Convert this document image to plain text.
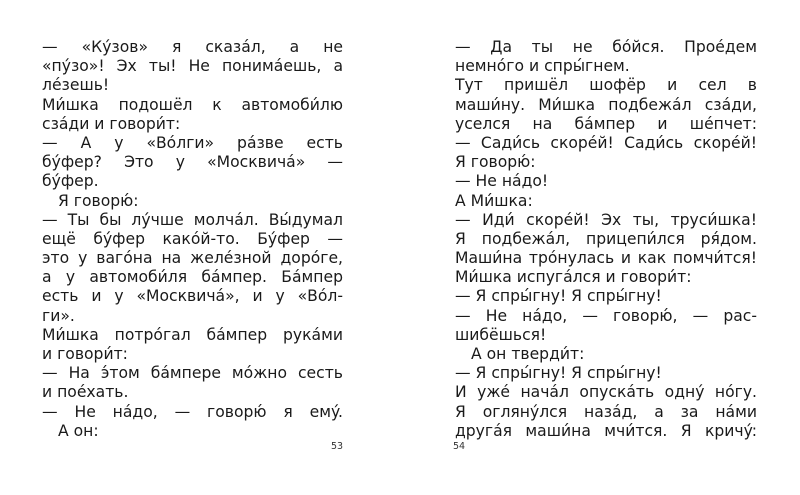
— «Кýзов» я сказáл, а не
«пýзо»! Эх ты! Не понимáешь, а
лéзешь!
Ми́шка подошёл к автомоби́лю
сзáди и говори́т:
— А у «Вóлги» рáзве есть
бýфер? Это у «Москвичá» —
бýфер.
Я говорю́:
— Ты бы лýчше молчáл. Вы́думал
ещё бýфер какóй-то. Бýфер —
это у вагóна на желéзной дорóге,
а у автомоби́ля бáмпер. Бáмпер
есть и у «Москвичá», и у «Вóл-
ги».
Ми́шка потрóгал бáмпер рукáми
и говори́т:
— На э́том бáмпере мóжно сесть
и поéхать.
— Не нáдо, — говорю́ я емý.
А он:
53
— Да ты не бóйся. Проéдем
немнóго и спры́гнем.
Тут пришёл шофёр и сел в
маши́ну. Ми́шка подбежáл сзáди,
уселся на бáмпер и шéпчет:
— Сади́сь скорéй! Сади́сь скорéй!
Я говорю́:
— Не нáдо!
А Ми́шка:
— Иди́ скорéй! Эх ты, труси́шка!
Я подбежáл, прицепи́лся ря́дом.
Маши́на трóнулась и как помчи́тся!
Ми́шка испугáлся и говори́т:
— Я спры́гну! Я спры́гну!
— Не нáдо, — говорю́, — рас-
шибёшься!
А он тверди́т:
— Я спры́гну! Я спры́гну!
И ужé начáл опускáть однý нóгу.
Я оглянýлся назáд, а за нáми
другáя маши́на мчи́тся. Я кричý:
54
